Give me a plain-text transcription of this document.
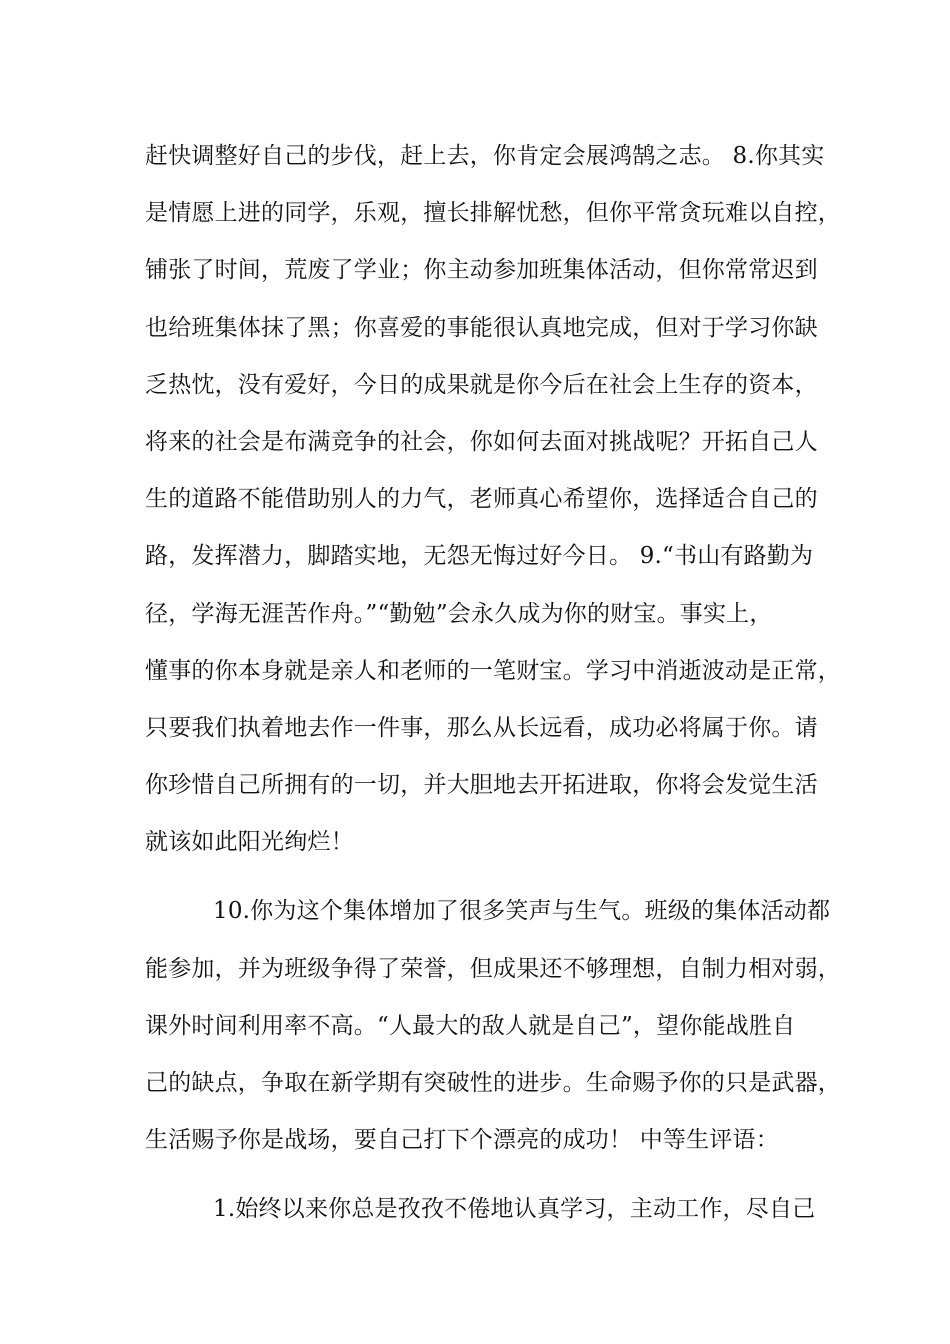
赶快调整好自己的步伐，赶上去，你肯定会展鸿鹄之志。 8.你其实
是情愿上进的同学，乐观，擅长排解忧愁，但你平常贪玩难以自控，
铺张了时间，荒废了学业；你主动参加班集体活动，但你常常迟到
也给班集体抹了黑；你喜爱的事能很认真地完成，但对于学习你缺
乏热忱，没有爱好，今日的成果就是你今后在社会上生存的资本，
将来的社会是布满竞争的社会，你如何去面对挑战呢？开拓自己人
生的道路不能借助别人的力气，老师真心希望你，选择适合自己的
路，发挥潜力，脚踏实地，无怨无悔过好今日。 9.“书山有路勤为
径，学海无涯苦作舟。”“勤勉”会永久成为你的财宝。事实上，
懂事的你本身就是亲人和老师的一笔财宝。学习中消逝波动是正常，
只要我们执着地去作一件事，那么从长远看，成功必将属于你。请
你珍惜自己所拥有的一切，并大胆地去开拓进取，你将会发觉生活
就该如此阳光绚烂！
10.你为这个集体增加了很多笑声与生气。班级的集体活动都
能参加，并为班级争得了荣誉，但成果还不够理想，自制力相对弱，
课外时间利用率不高。“人最大的敌人就是自己”，望你能战胜自
己的缺点，争取在新学期有突破性的进步。生命赐予你的只是武器，
生活赐予你是战场，要自己打下个漂亮的成功！ 中等生评语：
1.始终以来你总是孜孜不倦地认真学习，主动工作，尽自己
